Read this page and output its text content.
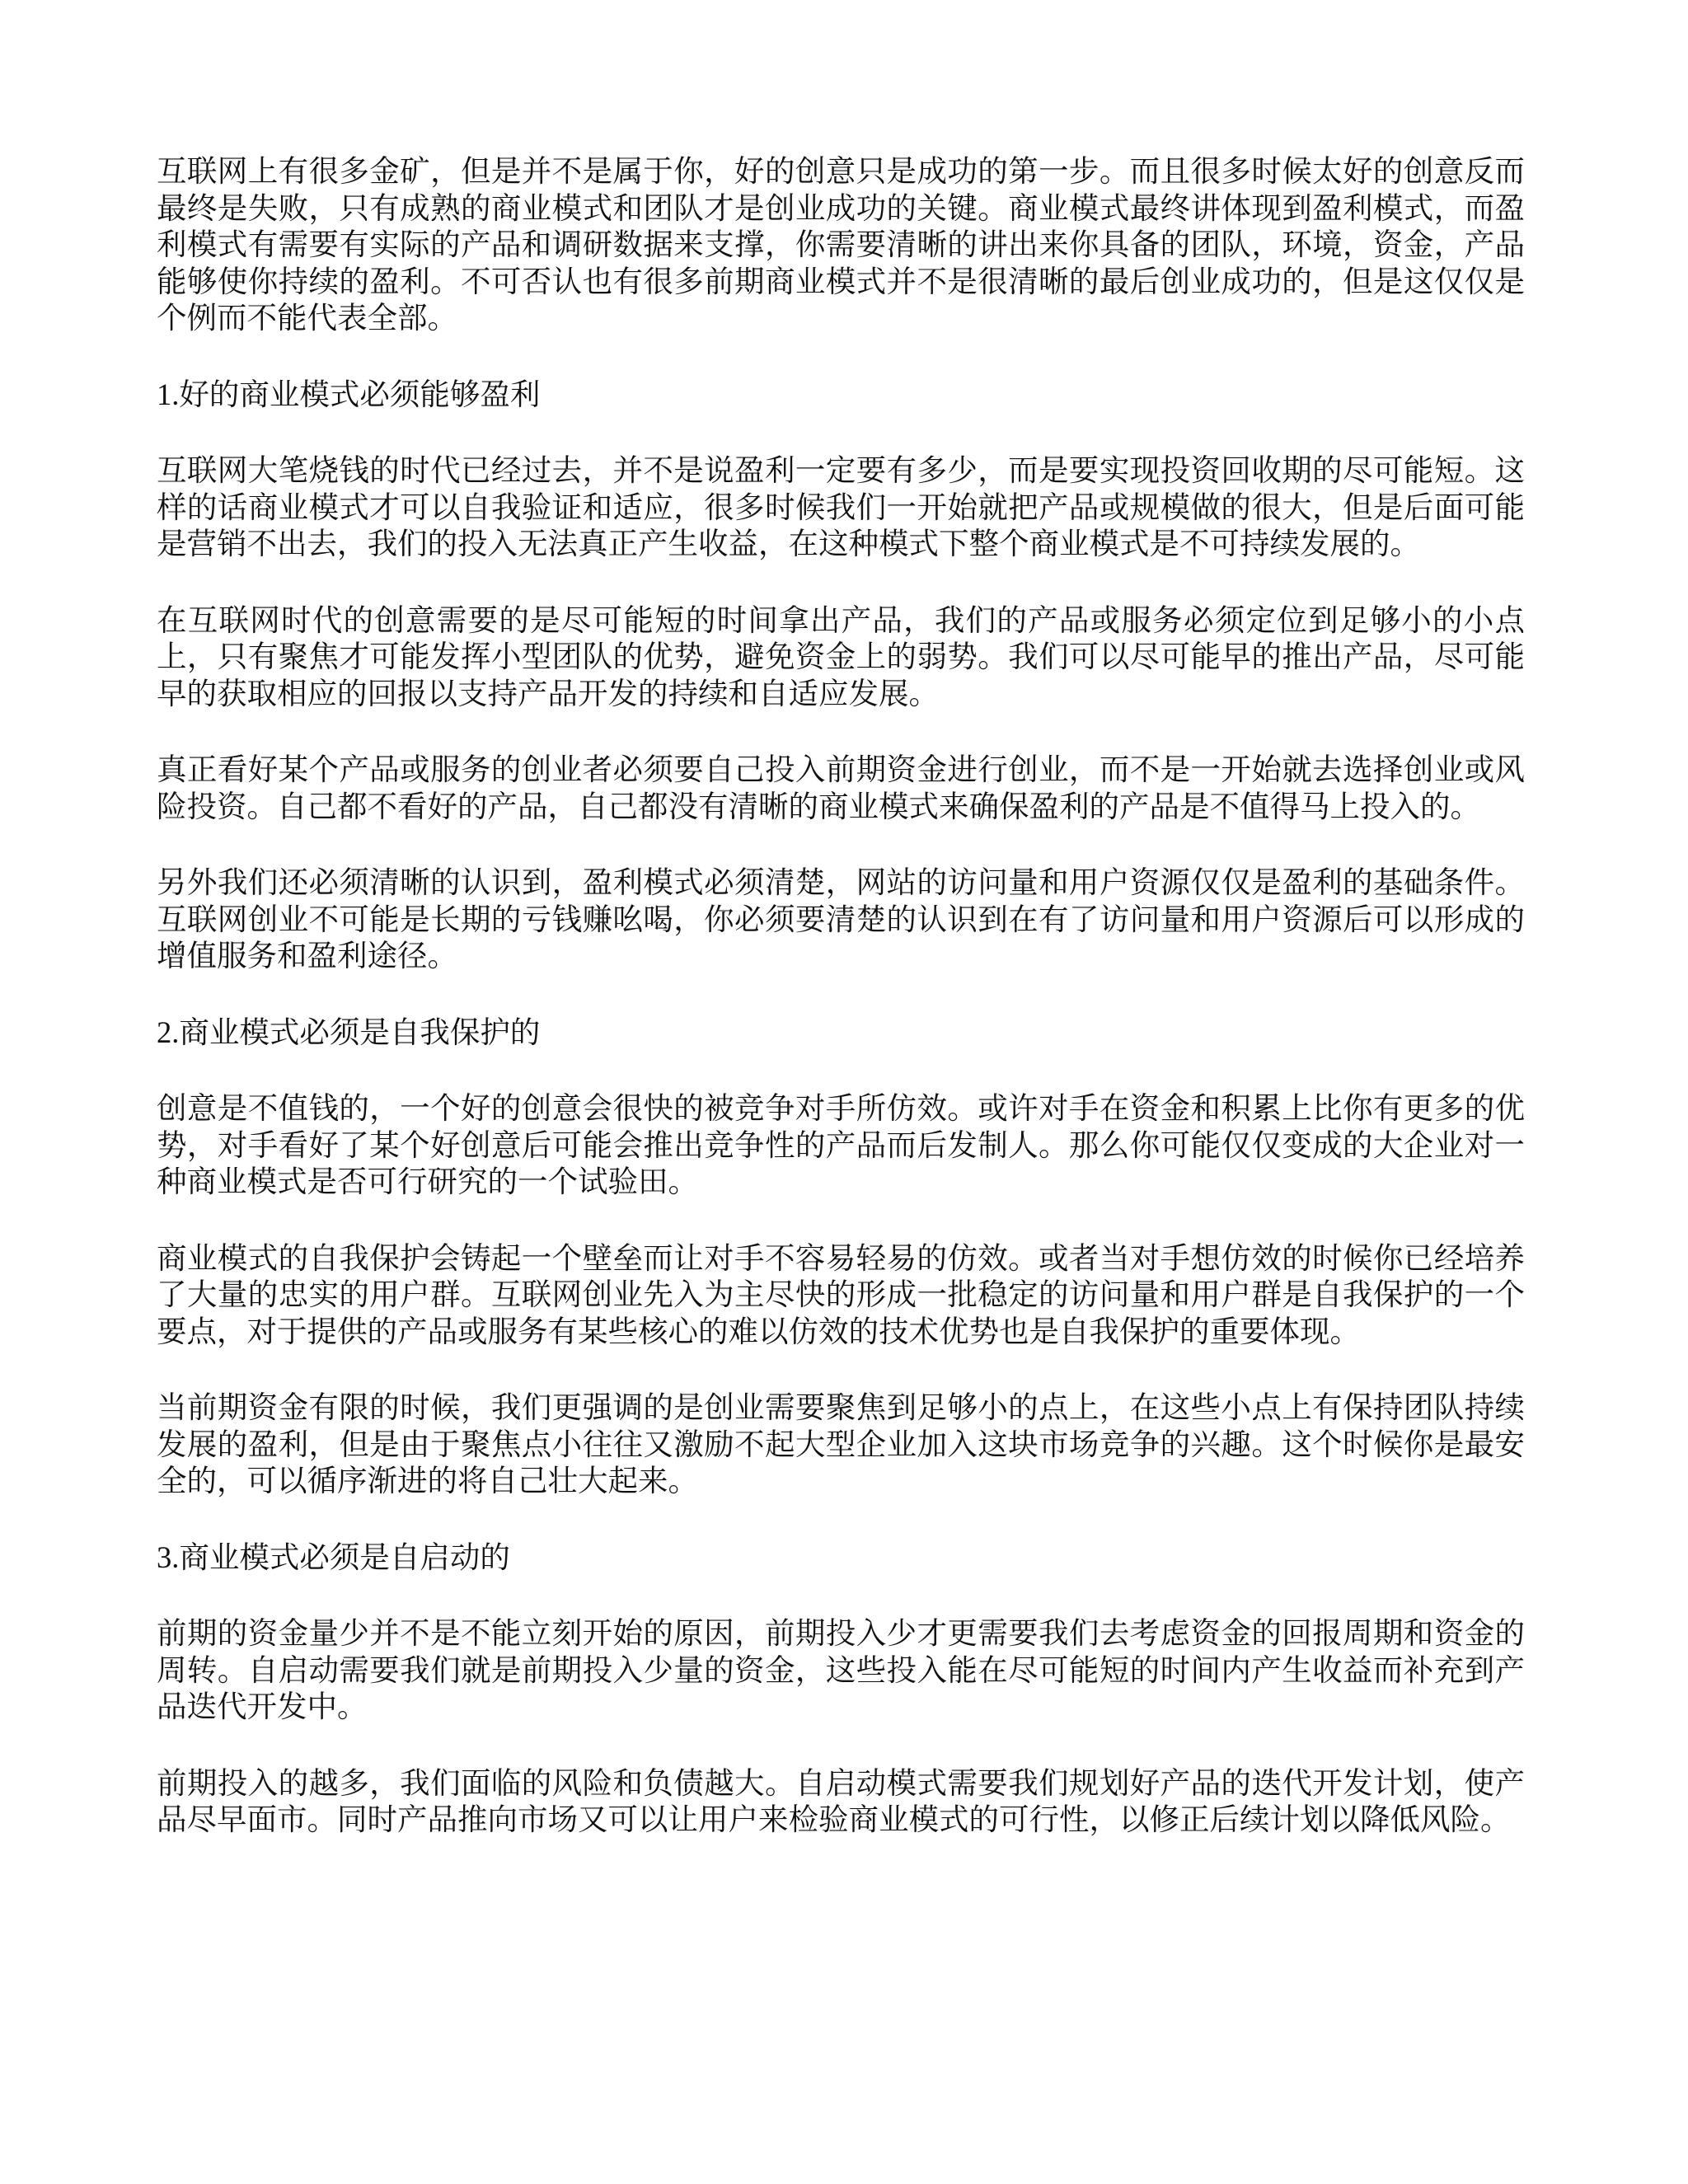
互联网上有很多金矿，但是并不是属于你，好的创意只是成功的第一步。而且很多时候太好的创意反而最终是失败，只有成熟的商业模式和团队才是创业成功的关键。商业模式最终讲体现到盈利模式，而盈利模式有需要有实际的产品和调研数据来支撑，你需要清晰的讲出来你具备的团队，环境，资金，产品能够使你持续的盈利。不可否认也有很多前期商业模式并不是很清晰的最后创业成功的，但是这仅仅是个例而不能代表全部。

1.好的商业模式必须能够盈利

互联网大笔烧钱的时代已经过去，并不是说盈利一定要有多少，而是要实现投资回收期的尽可能短。这样的话商业模式才可以自我验证和适应，很多时候我们一开始就把产品或规模做的很大，但是后面可能是营销不出去，我们的投入无法真正产生收益，在这种模式下整个商业模式是不可持续发展的。

在互联网时代的创意需要的是尽可能短的时间拿出产品，我们的产品或服务必须定位到足够小的小点上，只有聚焦才可能发挥小型团队的优势，避免资金上的弱势。我们可以尽可能早的推出产品，尽可能早的获取相应的回报以支持产品开发的持续和自适应发展。

真正看好某个产品或服务的创业者必须要自己投入前期资金进行创业，而不是一开始就去选择创业或风险投资。自己都不看好的产品，自己都没有清晰的商业模式来确保盈利的产品是不值得马上投入的。

另外我们还必须清晰的认识到，盈利模式必须清楚，网站的访问量和用户资源仅仅是盈利的基础条件。互联网创业不可能是长期的亏钱赚吆喝，你必须要清楚的认识到在有了访问量和用户资源后可以形成的增值服务和盈利途径。

2.商业模式必须是自我保护的

创意是不值钱的，一个好的创意会很快的被竞争对手所仿效。或许对手在资金和积累上比你有更多的优势，对手看好了某个好创意后可能会推出竞争性的产品而后发制人。那么你可能仅仅变成的大企业对一种商业模式是否可行研究的一个试验田。

商业模式的自我保护会铸起一个壁垒而让对手不容易轻易的仿效。或者当对手想仿效的时候你已经培养了大量的忠实的用户群。互联网创业先入为主尽快的形成一批稳定的访问量和用户群是自我保护的一个要点，对于提供的产品或服务有某些核心的难以仿效的技术优势也是自我保护的重要体现。

当前期资金有限的时候，我们更强调的是创业需要聚焦到足够小的点上，在这些小点上有保持团队持续发展的盈利，但是由于聚焦点小往往又激励不起大型企业加入这块市场竞争的兴趣。这个时候你是最安全的，可以循序渐进的将自己壮大起来。

3.商业模式必须是自启动的

前期的资金量少并不是不能立刻开始的原因，前期投入少才更需要我们去考虑资金的回报周期和资金的周转。自启动需要我们就是前期投入少量的资金，这些投入能在尽可能短的时间内产生收益而补充到产品迭代开发中。

前期投入的越多，我们面临的风险和负债越大。自启动模式需要我们规划好产品的迭代开发计划，使产品尽早面市。同时产品推向市场又可以让用户来检验商业模式的可行性，以修正后续计划以降低风险。
